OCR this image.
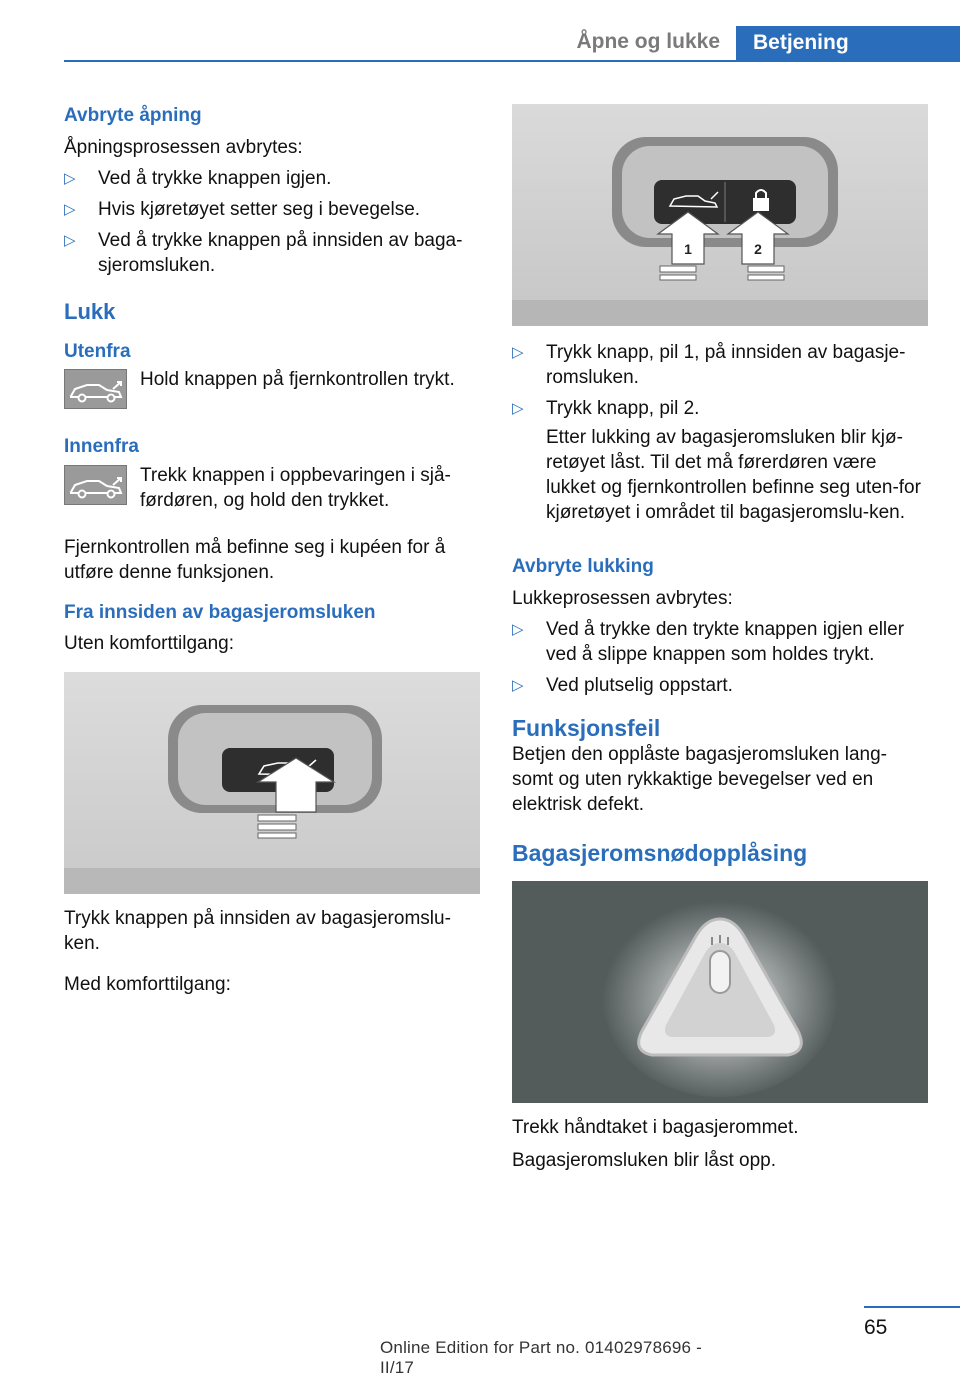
Åpne og lukke	Betjening
Avbryte åpning
Åpningsprosessen avbrytes:
▷ Ved å trykke knappen igjen.
▷ Hvis kjøretøyet setter seg i bevegelse.
▷ Ved å trykke knappen på innsiden av baga-sjeromsluken.
Lukk
Utenfra
Hold knappen på fjernkontrollen trykt.
Innenfra
Trekk knappen i oppbevaringen i sjå-førdøren, og hold den trykket.
Fjernkontrollen må befinne seg i kupéen for å utføre denne funksjonen.
Fra innsiden av bagasjeromsluken
Uten komforttilgang:
Trykk knappen på innsiden av bagasjeromslu-ken.
Med komforttilgang:
1	2
▷ Trykk knapp, pil 1, på innsiden av bagasje-romsluken.
▷ Trykk knapp, pil 2.
Etter lukking av bagasjeromsluken blir kjø-retøyet låst. Til det må førerdøren være lukket og fjernkontrollen befinne seg uten-for kjøretøyet i området til bagasjeromslu-ken.
Avbryte lukking
Lukkeprosessen avbrytes:
▷ Ved å trykke den trykte knappen igjen eller ved å slippe knappen som holdes trykt.
▷ Ved plutselig oppstart.
Funksjonsfeil
Betjen den opplåste bagasjeromsluken lang-somt og uten rykkaktige bevegelser ved en elektrisk defekt.
Bagasjeromsnødopplåsing
Trekk håndtaket i bagasjerommet.
Bagasjeromsluken blir låst opp.
65
Online Edition for Part no. 01402978696 - II/17
